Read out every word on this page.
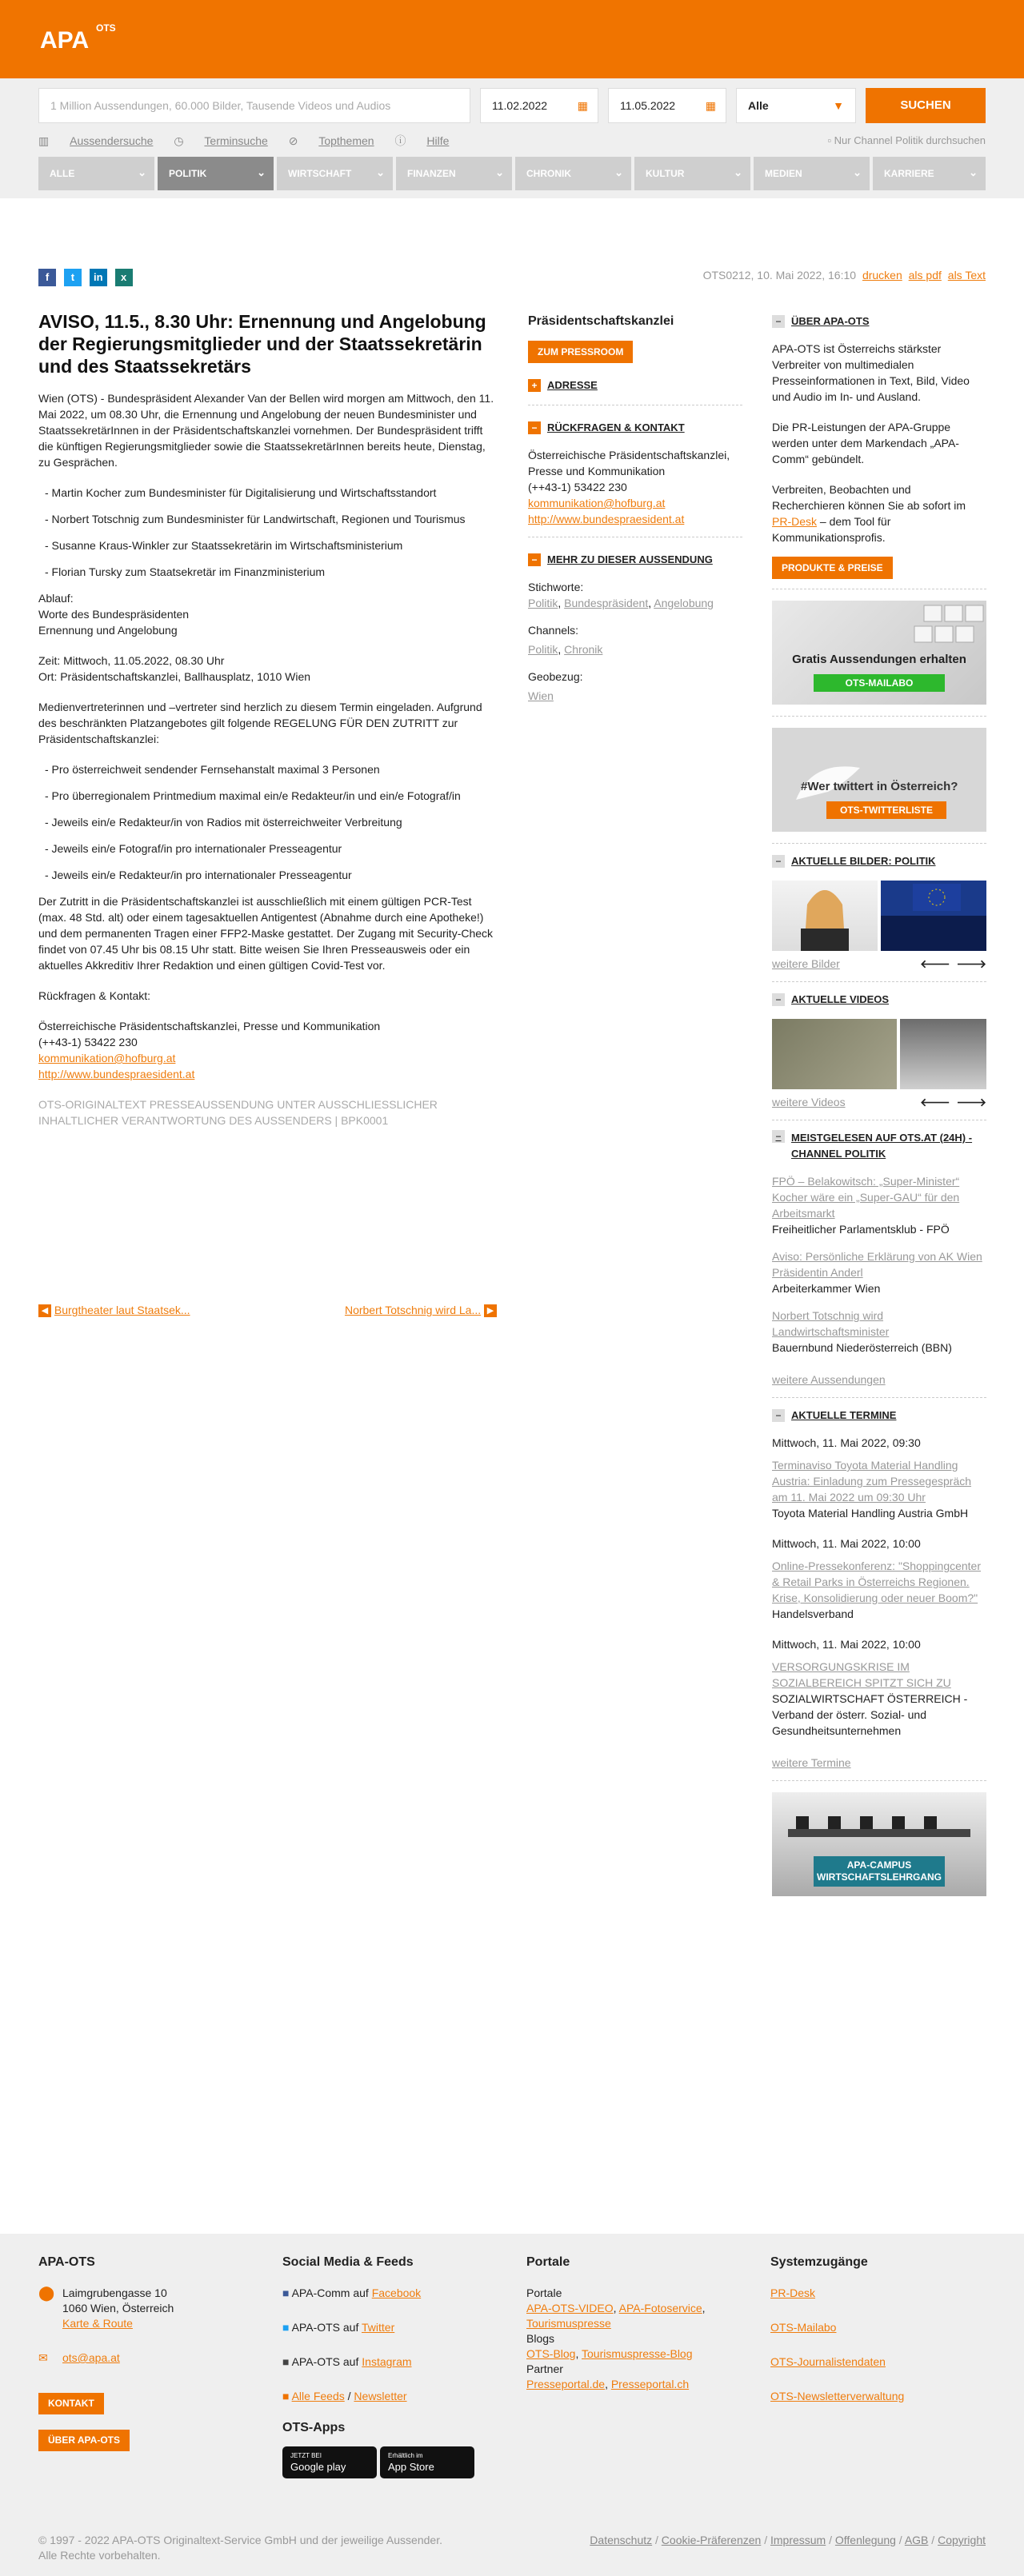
APA OTS
1 Million Aussendungen, 60.000 Bilder, Tausende Videos und Audios	11.02.2022	▦	11.05.2022	▦	Alle	▼	SUCHEN
▥ Aussendersuche ◷ Terminsuche ⊘ Topthemen ⓘ Hilfe	▫ Nur Channel Politik durchsuchen
ALLE	⌄	POLITIK	⌄	WIRTSCHAFT ⌄	FINANZEN	⌄	CHRONIK	⌄	KULTUR	⌄	MEDIEN	⌄	KARRIERE	⌄
f t in x	OTS0212, 10. Mai 2022, 16:10 drucken als pdf als Text
AVISO, 11.5., 8.30 Uhr: Ernennung und Angelobung der Regierungsmitglieder und der Staatssekretärin und des Staatssekretärs

Wien (OTS) - Bundespräsident Alexander Van der Bellen wird morgen am Mittwoch, den 11. Mai 2022, um 08.30 Uhr, die Ernennung und Angelobung der neuen Bundesminister und StaatssekretärInnen in der Präsidentschaftskanzlei vornehmen. Der Bundespräsident trifft die künftigen Regierungsmitglieder sowie die StaatssekretärInnen bereits heute, Dienstag, zu Gesprächen.

- Martin Kocher zum Bundesminister für Digitalisierung und Wirtschaftsstandort
- Norbert Totschnig zum Bundesminister für Landwirtschaft, Regionen und Tourismus
- Susanne Kraus-Winkler zur Staatssekretärin im Wirtschaftsministerium
- Florian Tursky zum Staatsekretär im Finanzministerium

Ablauf:
Worte des Bundespräsidenten
Ernennung und Angelobung

Zeit: Mittwoch, 11.05.2022, 08.30 Uhr
Ort: Präsidentschaftskanzlei, Ballhausplatz, 1010 Wien

Medienvertreterinnen und –vertreter sind herzlich zu diesem Termin eingeladen. Aufgrund des beschränkten Platzangebotes gilt folgende REGELUNG FÜR DEN ZUTRITT zur Präsidentschaftskanzlei:

- Pro österreichweit sendender Fernsehanstalt maximal 3 Personen
- Pro überregionalem Printmedium maximal ein/e Redakteur/in und ein/e Fotograf/in
- Jeweils ein/e Redakteur/in von Radios mit österreichweiter Verbreitung
- Jeweils ein/e Fotograf/in pro internationaler Presseagentur
- Jeweils ein/e Redakteur/in pro internationaler Presseagentur

Der Zutritt in die Präsidentschaftskanzlei ist ausschließlich mit einem gültigen PCR-Test (max. 48 Std. alt) oder einem tagesaktuellen Antigentest (Abnahme durch eine Apotheke!) und dem permanenten Tragen einer FFP2-Maske gestattet. Der Zugang mit Security-Check findet von 07.45 Uhr bis 08.15 Uhr statt. Bitte weisen Sie Ihren Presseausweis oder ein aktuelles Akkreditiv Ihrer Redaktion und einen gültigen Covid-Test vor.

Rückfragen & Kontakt:

Österreichische Präsidentschaftskanzlei, Presse und Kommunikation
(++43-1) 53422 230
kommunikation@hofburg.at
http://www.bundespraesident.at

OTS-ORIGINALTEXT PRESSEAUSSENDUNG UNTER AUSSCHLIESSLICHER INHALTLICHER VERANTWORTUNG DES AUSSENDERS | BPK0001

◀ Burgtheater laut Staatsek...	Norbert Totschnig wird La... ▶
Präsidentschaftskanzlei
ZUM PRESSROOM
+ ADRESSE
− RÜCKFRAGEN & KONTAKT
Österreichische Präsidentschaftskanzlei, Presse und Kommunikation
(++43-1) 53422 230
kommunikation@hofburg.at
http://www.bundespraesident.at
− MEHR ZU DIESER AUSSENDUNG
Stichworte:
Politik, Bundespräsident, Angelobung
Channels:
Politik, Chronik
Geobezug:
Wien
− ÜBER APA-OTS

APA-OTS ist Österreichs stärkster Verbreiter von multimedialen Presseinformationen in Text, Bild, Video und Audio im In- und Ausland.

Die PR-Leistungen der APA-Gruppe werden unter dem Markendach „APA-Comm“ gebündelt.

Verbreiten, Beobachten und Recherchieren können Sie ab sofort im PR-Desk – dem Tool für Kommunikationsprofis.

PRODUKTE & PREISE
Gratis Aussendungen erhalten
OTS-MAILABO
#Wer twittert in Österreich?
OTS-TWITTERLISTE
− AKTUELLE BILDER: POLITIK
weitere Bilder	🡐 🡒
− AKTUELLE VIDEOS
weitere Videos	🡐 🡒
− MEISTGELESEN AUF OTS.AT (24H) - CHANNEL POLITIK
FPÖ – Belakowitsch: „Super-Minister“ Kocher wäre ein „Super-GAU“ für den Arbeitsmarkt
Freiheitlicher Parlamentsklub - FPÖ
Aviso: Persönliche Erklärung von AK Wien Präsidentin Anderl
Arbeiterkammer Wien
Norbert Totschnig wird Landwirtschaftsminister
Bauernbund Niederösterreich (BBN)
weitere Aussendungen
− AKTUELLE TERMINE
Mittwoch, 11. Mai 2022, 09:30
Terminaviso Toyota Material Handling Austria: Einladung zum Pressegespräch am 11. Mai 2022 um 09:30 Uhr
Toyota Material Handling Austria GmbH
Mittwoch, 11. Mai 2022, 10:00
Online-Pressekonferenz: "Shoppingcenter & Retail Parks in Österreichs Regionen. Krise, Konsolidierung oder neuer Boom?"
Handelsverband
Mittwoch, 11. Mai 2022, 10:00
VERSORGUNGSKRISE IM SOZIALBEREICH SPITZT SICH ZU
SOZIALWIRTSCHAFT ÖSTERREICH - Verband der österr. Sozial- und Gesundheitsunternehmen
weitere Termine
APA-CAMPUS WIRTSCHAFTSLEHRGANG
APA-OTS
⬤ Laimgrubengasse 10
1060 Wien, Österreich
Karte & Route
✉ ots@apa.at
KONTAKT

ÜBER APA-OTS
Social Media & Feeds
■ APA-Comm auf Facebook
■ APA-OTS auf Twitter
■ APA-OTS auf Instagram
■ Alle Feeds / Newsletter
OTS-Apps
JETZT BEI
Google play
Erhältlich im
App Store
Portale
Portale
APA-OTS-VIDEO, APA-Fotoservice,
Tourismuspresse
Blogs
OTS-Blog, Tourismuspresse-Blog
Partner
Presseportal.de, Presseportal.ch
Systemzugänge
PR-Desk
OTS-Mailabo
OTS-Journalistendaten
OTS-Newsletterverwaltung
© 1997 - 2022 APA-OTS Originaltext-Service GmbH und der jeweilige Aussender.
Alle Rechte vorbehalten.
Datenschutz / Cookie-Präferenzen / Impressum / Offenlegung / AGB / Copyright
